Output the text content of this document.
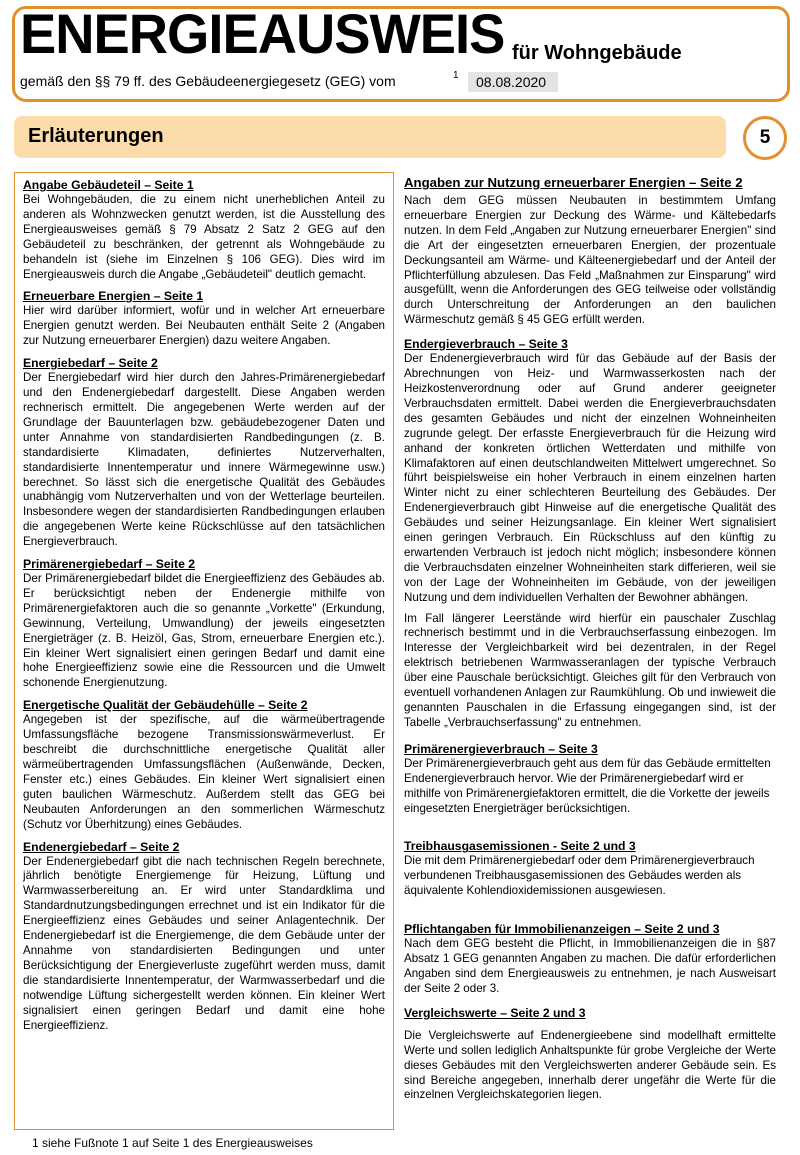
ENERGIEAUSWEIS für Wohngebäude
gemäß den §§ 79 ff. des Gebäudeenergiegesetz (GEG) vom	1	08.08.2020
Erläuterungen	5
Angabe Gebäudeteil – Seite 1

Bei Wohngebäuden, die zu einem nicht unerheblichen Anteil zu anderen als Wohnzwecken genutzt werden, ist die Ausstellung des Energieausweises gemäß § 79 Absatz 2 Satz 2 GEG auf den Gebäudeteil zu beschränken, der getrennt als Wohngebäude zu behandeln ist (siehe im Einzelnen § 106 GEG). Dies wird im Energieausweis durch die Angabe „Gebäudeteil" deutlich gemacht.

Erneuerbare Energien – Seite 1

Hier wird darüber informiert, wofür und in welcher Art erneuerbare Energien genutzt werden. Bei Neubauten enthält Seite 2 (Angaben zur Nutzung erneuerbarer Energien) dazu weitere Angaben.

Energiebedarf – Seite 2

Der Energiebedarf wird hier durch den Jahres-Primärenergiebedarf und den Endenergiebedarf dargestellt. Diese Angaben werden rechnerisch ermittelt. Die angegebenen Werte werden auf der Grundlage der Bauunterlagen bzw. gebäudebezogener Daten und unter Annahme von standardisierten Randbedingungen (z. B. standardisierte Klimadaten, definiertes Nutzerverhalten, standardisierte Innentemperatur und innere Wärmegewinne usw.) berechnet. So lässt sich die energetische Qualität des Gebäudes unabhängig vom Nutzerverhalten und von der Wetterlage beurteilen. Insbesondere wegen der standardisierten Randbedingungen erlauben die angegebenen Werte keine Rückschlüsse auf den tatsächlichen Energieverbrauch.

Primärenergiebedarf – Seite 2

Der Primärenergiebedarf bildet die Energieeffizienz des Gebäudes ab. Er berücksichtigt neben der Endenergie mithilfe von Primärenergiefaktoren auch die so genannte „Vorkette" (Erkundung, Gewinnung, Verteilung, Umwandlung) der jeweils eingesetzten Energieträger (z. B. Heizöl, Gas, Strom, erneuerbare Energien etc.). Ein kleiner Wert signalisiert einen geringen Bedarf und damit eine hohe Energieeffizienz sowie eine die Ressourcen und die Umwelt schonende Energienutzung.

Energetische Qualität der Gebäudehülle – Seite 2

Angegeben ist der spezifische, auf die wärmeübertragende Umfassungsfläche bezogene Transmissionswärmeverlust. Er beschreibt die durchschnittliche energetische Qualität aller wärmeübertragenden Umfassungsflächen (Außenwände, Decken, Fenster etc.) eines Gebäudes. Ein kleiner Wert signalisiert einen guten baulichen Wärmeschutz. Außerdem stellt das GEG bei Neubauten Anforderungen an den sommerlichen Wärmeschutz (Schutz vor Überhitzung) eines Gebäudes.

Endenergiebedarf – Seite 2

Der Endenergiebedarf gibt die nach technischen Regeln berechnete, jährlich benötigte Energiemenge für Heizung, Lüftung und Warmwasserbereitung an. Er wird unter Standardklima und Standardnutzungsbedingungen errechnet und ist ein Indikator für die Energieeffizienz eines Gebäudes und seiner Anlagentechnik. Der Endenergiebedarf ist die Energiemenge, die dem Gebäude unter der Annahme von standardisierten Bedingungen und unter Berücksichtigung der Energieverluste zugeführt werden muss, damit die standardisierte Innentemperatur, der Warmwasserbedarf und die notwendige Lüftung sichergestellt werden können. Ein kleiner Wert signalisiert einen geringen Bedarf und damit eine hohe Energieeffizienz.

Angaben zur Nutzung erneuerbarer Energien – Seite 2

Nach dem GEG müssen Neubauten in bestimmtem Umfang erneuerbare Energien zur Deckung des Wärme- und Kältebedarfs nutzen. In dem Feld „Angaben zur Nutzung erneuerbarer Energien" sind die Art der eingesetzten erneuerbaren Energien, der prozentuale Deckungsanteil am Wärme- und Kälteenergiebedarf und der Anteil der Pflichterfüllung abzulesen. Das Feld „Maßnahmen zur Einsparung" wird ausgefüllt, wenn die Anforderungen des GEG teilweise oder vollständig durch Unterschreitung der Anforderungen an den baulichen Wärmeschutz gemäß § 45 GEG erfüllt werden.

Endergieverbrauch – Seite 3

Der Endenergieverbrauch wird für das Gebäude auf der Basis der Abrechnungen von Heiz- und Warmwasserkosten nach der Heizkostenverordnung oder auf Grund anderer geeigneter Verbrauchsdaten ermittelt. Dabei werden die Energieverbrauchsdaten des gesamten Gebäudes und nicht der einzelnen Wohneinheiten zugrunde gelegt. Der erfasste Energieverbrauch für die Heizung wird anhand der konkreten örtlichen Wetterdaten und mithilfe von Klimafaktoren auf einen deutschlandweiten Mittelwert umgerechnet. So führt beispielsweise ein hoher Verbrauch in einem einzelnen harten Winter nicht zu einer schlechteren Beurteilung des Gebäudes. Der Endenergieverbrauch gibt Hinweise auf die energetische Qualität des Gebäudes und seiner Heizungsanlage. Ein kleiner Wert signalisiert einen geringen Verbrauch. Ein Rückschluss auf den künftig zu erwartenden Verbrauch ist jedoch nicht möglich; insbesondere können die Verbrauchsdaten einzelner Wohneinheiten stark differieren, weil sie von der Lage der Wohneinheiten im Gebäude, von der jeweiligen Nutzung und dem individuellen Verhalten der Bewohner abhängen.

Im Fall längerer Leerstände wird hierfür ein pauschaler Zuschlag rechnerisch bestimmt und in die Verbrauchserfassung einbezogen. Im Interesse der Vergleichbarkeit wird bei dezentralen, in der Regel elektrisch betriebenen Warmwasseranlagen der typische Verbrauch über eine Pauschale berücksichtigt. Gleiches gilt für den Verbrauch von eventuell vorhandenen Anlagen zur Raumkühlung. Ob und inwieweit die genannten Pauschalen in die Erfassung eingegangen sind, ist der Tabelle „Verbrauchserfassung" zu entnehmen.

Primärenergieverbrauch – Seite 3

Der Primärenergieverbrauch geht aus dem für das Gebäude ermittelten Endenergieverbrauch hervor. Wie der Primärenergiebedarf wird er mithilfe von Primärenergiefaktoren ermittelt, die die Vorkette der jeweils eingesetzten Energieträger berücksichtigen.

Treibhausgasemissionen - Seite 2 und 3

Die mit dem Primärenergiebedarf oder dem Primärenergieverbrauch verbundenen Treibhausgasemissionen des Gebäudes werden als äquivalente Kohlendioxidemissionen ausgewiesen.

Pflichtangaben für Immobilienanzeigen – Seite 2 und 3

Nach dem GEG besteht die Pflicht, in Immobilienanzeigen die in §87 Absatz 1 GEG genannten Angaben zu machen. Die dafür erforderlichen Angaben sind dem Energieausweis zu entnehmen, je nach Ausweisart der Seite 2 oder 3.

Vergleichswerte – Seite 2 und 3

Die Vergleichswerte auf Endenergieebene sind modellhaft ermittelte Werte und sollen lediglich Anhaltspunkte für grobe Vergleiche der Werte dieses Gebäudes mit den Vergleichswerten anderer Gebäude sein. Es sind Bereiche angegeben, innerhalb derer ungefähr die Werte für die einzelnen Vergleichskategorien liegen.

1 siehe Fußnote 1 auf Seite 1 des Energieausweises
